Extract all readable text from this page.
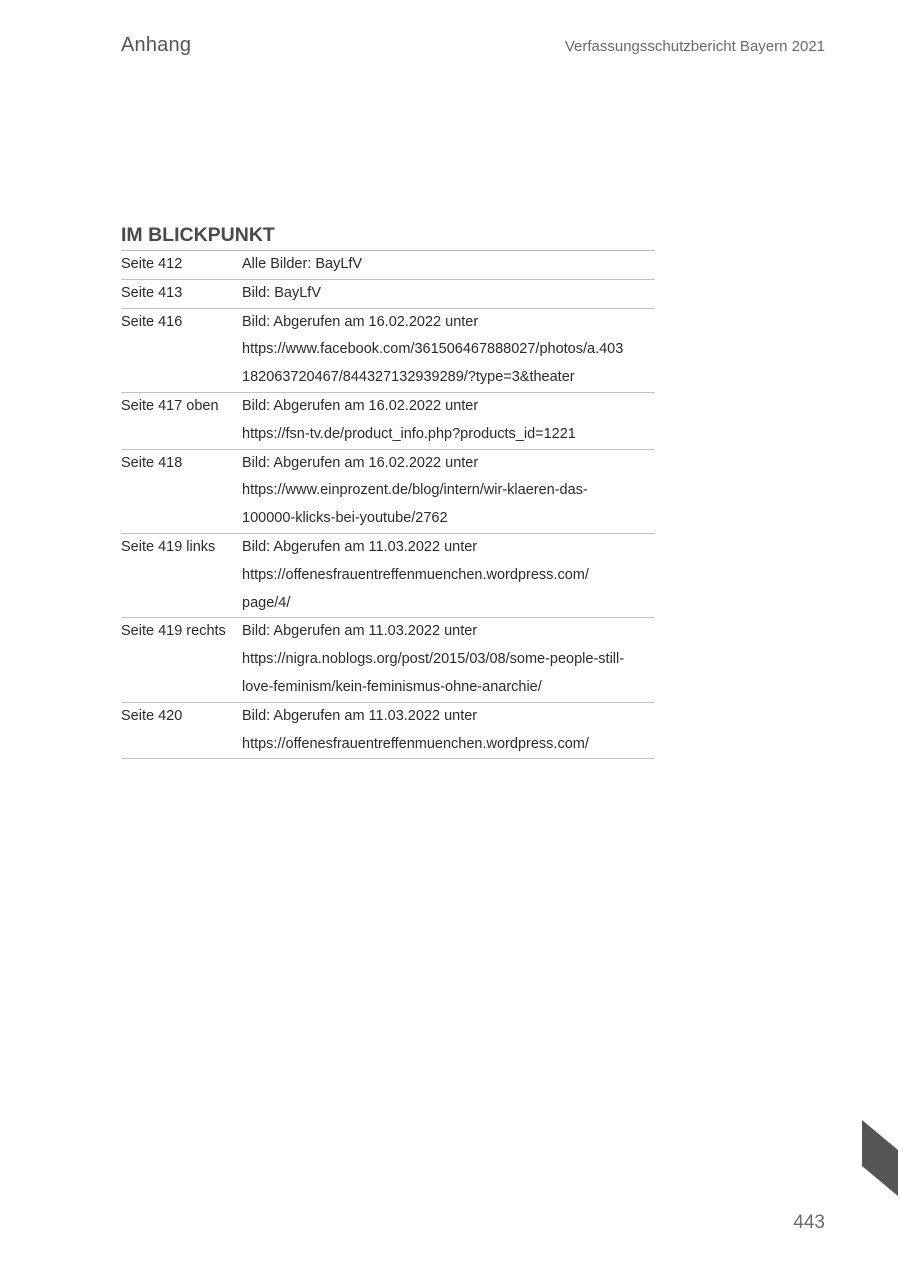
Anhang	Verfassungsschutzbericht Bayern 2021
IM BLICKPUNKT
Seite 412	Alle Bilder: BayLfV

Seite 413	Bild: BayLfV

Seite 416	Bild: Abgerufen am 16.02.2022 unter
https://www.facebook.com/361506467888027/photos/a.403
182063720467/844327132939289/?type=3&theater

Seite 417 oben	Bild: Abgerufen am 16.02.2022 unter
https://fsn-tv.de/product_info.php?products_id=1221

Seite 418	Bild: Abgerufen am 16.02.2022 unter
https://www.einprozent.de/blog/intern/wir-klaeren-das-
100000-klicks-bei-youtube/2762

Seite 419 links	Bild: Abgerufen am 11.03.2022 unter
https://offenesfrauentreffenmuenchen.wordpress.com/
page/4/

Seite 419 rechts	Bild: Abgerufen am 11.03.2022 unter
https://nigra.noblogs.org/post/2015/03/08/some-people-still-
love-feminism/kein-feminismus-ohne-anarchie/

Seite 420	Bild: Abgerufen am 11.03.2022 unter
https://offenesfrauentreffenmuenchen.wordpress.com/
443
